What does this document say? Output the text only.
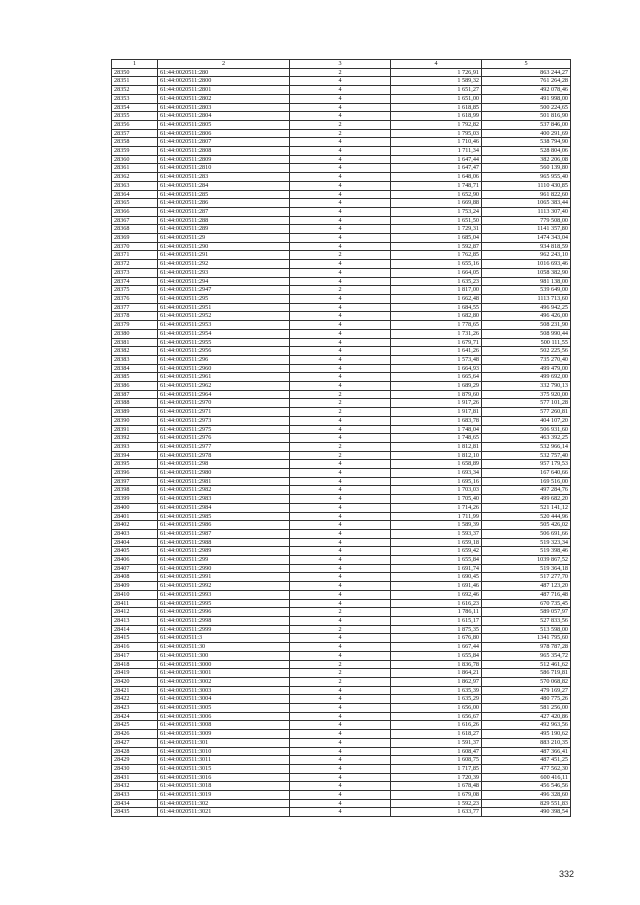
1	2	3	4	5
28350	61:44:0020511:280	2	1 726,91	863 244,27
28351	61:44:0020511:2800	4	1 589,32	761 264,28
28352	61:44:0020511:2801	4	1 651,27	492 078,46
28353	61:44:0020511:2802	4	1 651,00	491 998,00
28354	61:44:0020511:2803	4	1 618,85	500 224,65
28355	61:44:0020511:2804	4	1 618,99	501 816,90
28356	61:44:0020511:2805	2	1 792,82	537 846,00
28357	61:44:0020511:2806	2	1 795,03	400 291,69
28358	61:44:0020511:2807	4	1 710,46	538 794,90
28359	61:44:0020511:2808	4	1 711,34	528 804,06
28360	61:44:0020511:2809	4	1 647,44	382 206,08
28361	61:44:0020511:2810	4	1 647,47	560 139,80
28362	61:44:0020511:283	4	1 648,06	965 955,40
28363	61:44:0020511:284	4	1 748,71	1110 430,85
28364	61:44:0020511:285	4	1 652,90	961 822,60
28365	61:44:0020511:286	4	1 669,88	1065 383,44
28366	61:44:0020511:287	4	1 753,24	1113 307,40
28367	61:44:0020511:288	4	1 651,50	779 508,00
28368	61:44:0020511:289	4	1 729,31	1141 357,80
28369	61:44:0020511:29	4	1 685,04	1474 343,04
28370	61:44:0020511:290	4	1 592,87	934 818,59
28371	61:44:0020511:291	2	1 762,85	962 243,10
28372	61:44:0020511:292	4	1 655,16	1016 693,46
28373	61:44:0020511:293	4	1 664,05	1058 382,90
28374	61:44:0020511:294	4	1 635,23	981 138,00
28375	61:44:0020511:2947	2	1 817,00	539 649,00
28376	61:44:0020511:295	4	1 662,48	1113 713,60
28377	61:44:0020511:2951	4	1 684,55	496 942,25
28378	61:44:0020511:2952	4	1 682,80	496 426,00
28379	61:44:0020511:2953	4	1 778,65	508 231,90
28380	61:44:0020511:2954	4	1 731,26	508 990,44
28381	61:44:0020511:2955	4	1 679,71	500 111,55
28382	61:44:0020511:2956	4	1 641,26	502 225,56
28383	61:44:0020511:296	4	1 573,48	735 270,40
28384	61:44:0020511:2960	4	1 664,93	499 479,00
28385	61:44:0020511:2961	4	1 665,64	499 692,00
28386	61:44:0020511:2962	4	1 689,29	332 790,13
28387	61:44:0020511:2964	2	1 879,60	375 920,00
28388	61:44:0020511:2970	2	1 917,26	577 101,28
28389	61:44:0020511:2971	2	1 917,81	577 260,81
28390	61:44:0020511:2973	4	1 683,78	404 107,20
28391	61:44:0020511:2975	4	1 748,04	506 931,60
28392	61:44:0020511:2976	4	1 748,65	463 392,25
28393	61:44:0020511:2977	2	1 812,81	532 966,14
28394	61:44:0020511:2978	2	1 812,10	532 757,40
28395	61:44:0020511:298	4	1 658,89	957 179,53
28396	61:44:0020511:2980	4	1 693,34	167 640,66
28397	61:44:0020511:2981	4	1 695,16	169 516,00
28398	61:44:0020511:2982	4	1 703,03	497 284,76
28399	61:44:0020511:2983	4	1 705,40	499 682,20
28400	61:44:0020511:2984	4	1 714,26	521 141,12
28401	61:44:0020511:2985	4	1 711,99	520 444,96
28402	61:44:0020511:2986	4	1 589,39	505 426,02
28403	61:44:0020511:2987	4	1 593,37	506 691,66
28404	61:44:0020511:2988	4	1 659,18	519 323,34
28405	61:44:0020511:2989	4	1 659,42	519 398,46
28406	61:44:0020511:299	4	1 655,84	1039 867,52
28407	61:44:0020511:2990	4	1 691,74	519 364,18
28408	61:44:0020511:2991	4	1 690,45	517 277,70
28409	61:44:0020511:2992	4	1 691,46	487 123,20
28410	61:44:0020511:2993	4	1 692,46	487 716,48
28411	61:44:0020511:2995	4	1 616,23	670 735,45
28412	61:44:0020511:2996	2	1 786,11	589 057,97
28413	61:44:0020511:2998	4	1 615,17	527 833,56
28414	61:44:0020511:2999	2	1 875,35	513 598,00
28415	61:44:0020511:3	4	1 676,80	1341 795,60
28416	61:44:0020511:30	4	1 667,44	978 787,28
28417	61:44:0020511:300	4	1 655,84	965 354,72
28418	61:44:0020511:3000	2	1 836,78	512 461,62
28419	61:44:0020511:3001	2	1 864,21	586 719,81
28420	61:44:0020511:3002	2	1 862,97	570 068,82
28421	61:44:0020511:3003	4	1 635,39	479 169,27
28422	61:44:0020511:3004	4	1 635,29	480 775,26
28423	61:44:0020511:3005	4	1 656,00	581 256,00
28424	61:44:0020511:3006	4	1 656,67	427 420,86
28425	61:44:0020511:3008	4	1 616,26	492 963,56
28426	61:44:0020511:3009	4	1 618,27	495 190,62
28427	61:44:0020511:301	4	1 591,37	883 210,35
28428	61:44:0020511:3010	4	1 608,47	487 366,41
28429	61:44:0020511:3011	4	1 608,75	487 451,25
28430	61:44:0020511:3015	4	1 717,85	477 562,30
28431	61:44:0020511:3016	4	1 720,39	600 416,11
28432	61:44:0020511:3018	4	1 678,48	456 546,56
28433	61:44:0020511:3019	4	1 679,08	496 328,60
28434	61:44:0020511:302	4	1 592,23	829 551,83
28435	61:44:0020511:3021	4	1 633,77	490 398,54
332
